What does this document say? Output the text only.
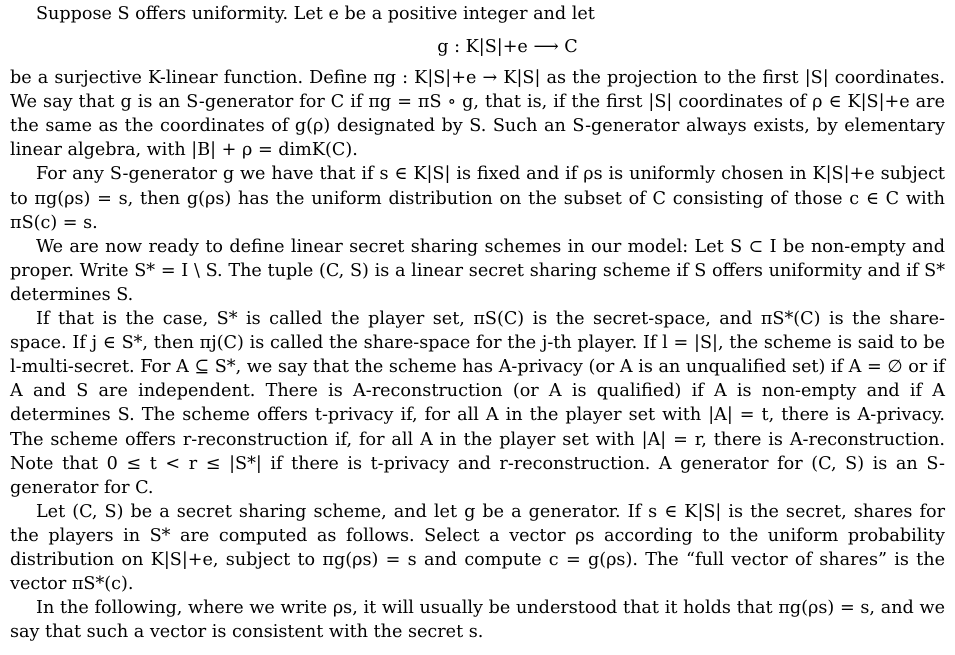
Suppose S offers uniformity. Let e be a positive integer and let

g : K|S|+e ⟶ C

be a surjective K-linear function. Define πg : K|S|+e → K|S| as the projection to the first |S| coordinates. We say that g is an S-generator for C if πg = πS ∘ g, that is, if the first |S| coordinates of ρ ∈ K|S|+e are the same as the coordinates of g(ρ) designated by S. Such an S-generator always exists, by elementary linear algebra, with |B| + ρ = dimK(C).

For any S-generator g we have that if s ∈ K|S| is fixed and if ρs is uniformly chosen in K|S|+e subject to πg(ρs) = s, then g(ρs) has the uniform distribution on the subset of C consisting of those c ∈ C with πS(c) = s.

We are now ready to define linear secret sharing schemes in our model: Let S ⊂ I be non-empty and proper. Write S* = I \ S. The tuple (C, S) is a linear secret sharing scheme if S offers uniformity and if S* determines S.

If that is the case, S* is called the player set, πS(C) is the secret-space, and πS*(C) is the share-space. If j ∈ S*, then πj(C) is called the share-space for the j-th player. If l = |S|, the scheme is said to be l-multi-secret. For A ⊆ S*, we say that the scheme has A-privacy (or A is an unqualified set) if A = ∅ or if A and S are independent. There is A-reconstruction (or A is qualified) if A is non-empty and if A determines S. The scheme offers t-privacy if, for all A in the player set with |A| = t, there is A-privacy. The scheme offers r-reconstruction if, for all A in the player set with |A| = r, there is A-reconstruction. Note that 0 ≤ t < r ≤ |S*| if there is t-privacy and r-reconstruction. A generator for (C, S) is an S-generator for C.

Let (C, S) be a secret sharing scheme, and let g be a generator. If s ∈ K|S| is the secret, shares for the players in S* are computed as follows. Select a vector ρs according to the uniform probability distribution on K|S|+e, subject to πg(ρs) = s and compute c = g(ρs). The “full vector of shares” is the vector πS*(c).

In the following, where we write ρs, it will usually be understood that it holds that πg(ρs) = s, and we say that such a vector is consistent with the secret s.
